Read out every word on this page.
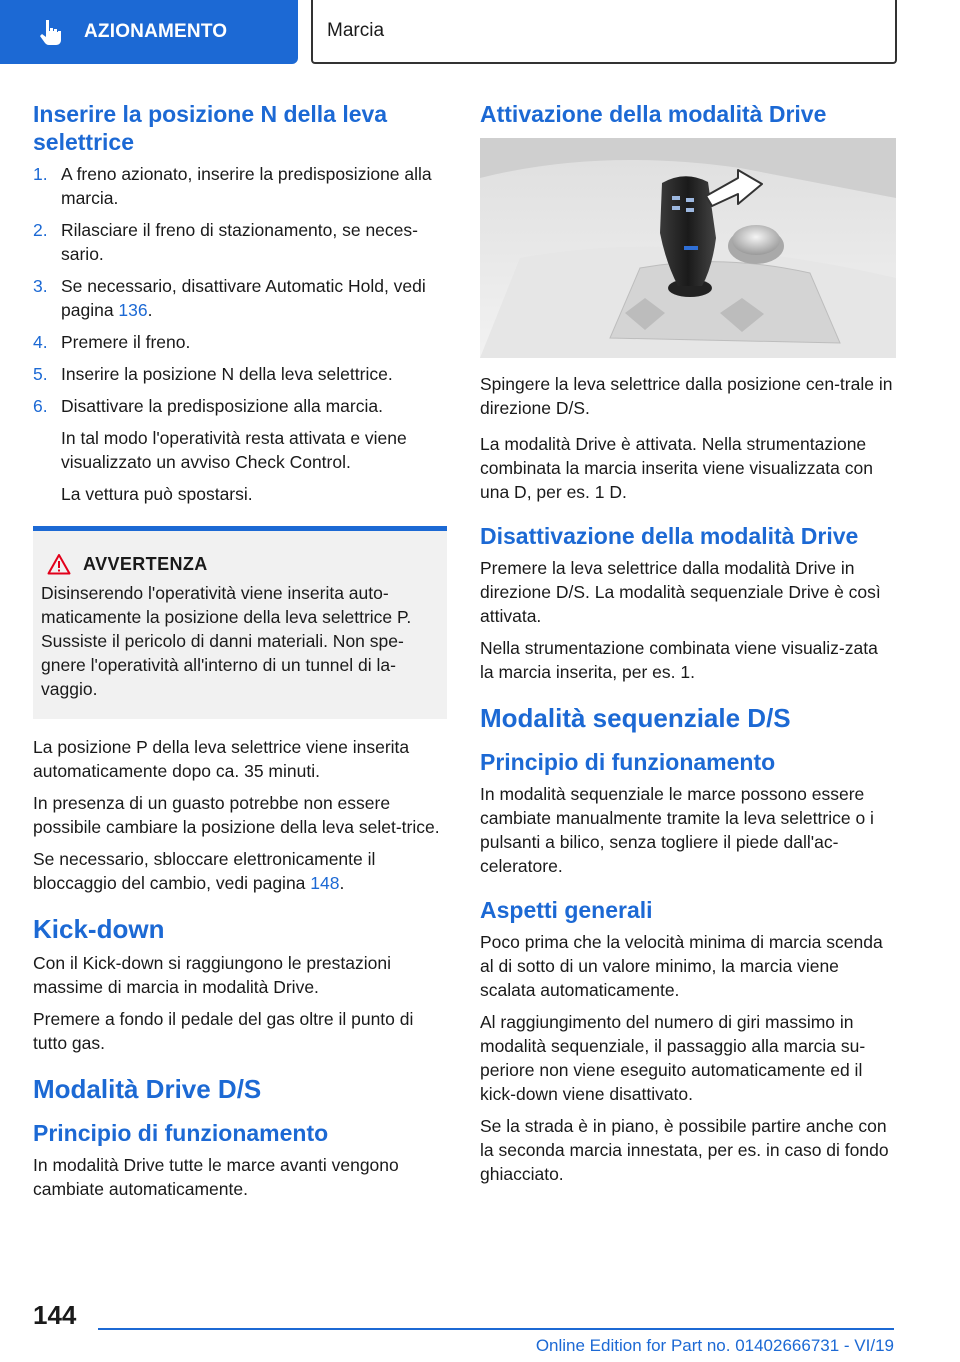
AZIONAMENTO	Marcia
Inserire la posizione N della leva selettrice
1. A freno azionato, inserire la predisposizione alla marcia.
2. Rilasciare il freno di stazionamento, se neces‐sario.
3. Se necessario, disattivare Automatic Hold, vedi pagina 136.
4. Premere il freno.
5. Inserire la posizione N della leva selettrice.
6. Disattivare la predisposizione alla marcia.

In tal modo l'operatività resta attivata e viene visualizzato un avviso Check Control.

La vettura può spostarsi.

AVVERTENZA

Disinserendo l'operatività viene inserita auto‐maticamente la posizione della leva selettrice P. Sussiste il pericolo di danni materiali. Non spe‐gnere l'operatività all'interno di un tunnel di la‐vaggio.

La posizione P della leva selettrice viene inserita automaticamente dopo ca. 35 minuti.

In presenza di un guasto potrebbe non essere possibile cambiare la posizione della leva selet‐trice.

Se necessario, sbloccare elettronicamente il bloccaggio del cambio, vedi pagina 148.

Kick-down

Con il Kick-down si raggiungono le prestazioni massime di marcia in modalità Drive.

Premere a fondo il pedale del gas oltre il punto di tutto gas.

Modalità Drive D/S
Principio di funzionamento

In modalità Drive tutte le marce avanti vengono cambiate automaticamente.

Attivazione della modalità Drive

Spingere la leva selettrice dalla posizione cen‐trale in direzione D/S.

La modalità Drive è attivata. Nella strumentazione combinata la marcia inserita viene visualizzata con una D, per es. 1 D.

Disattivazione della modalità Drive

Premere la leva selettrice dalla modalità Drive in direzione D/S. La modalità sequenziale Drive è così attivata.

Nella strumentazione combinata viene visualiz‐zata la marcia inserita, per es. 1.

Modalità sequenziale D/S
Principio di funzionamento

In modalità sequenziale le marce possono essere cambiate manualmente tramite la leva selettrice o i pulsanti a bilico, senza togliere il piede dall'ac‐celeratore.

Aspetti generali

Poco prima che la velocità minima di marcia scenda al di sotto di un valore minimo, la marcia viene scalata automaticamente.

Al raggiungimento del numero di giri massimo in modalità sequenziale, il passaggio alla marcia su‐periore non viene eseguito automaticamente ed il kick-down viene disattivato.

Se la strada è in piano, è possibile partire anche con la seconda marcia innestata, per es. in caso di fondo ghiacciato.

144
Online Edition for Part no. 01402666731 - VI/19
